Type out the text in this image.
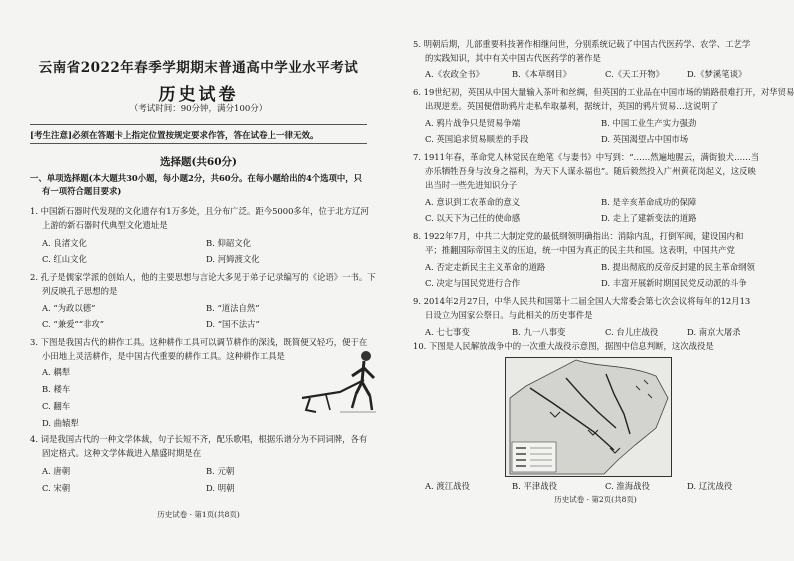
云南省2022年春季学期期末普通高中学业水平考试
历史试卷
（考试时间：90分钟，满分100分）
[考生注意]必须在答题卡上指定位置按规定要求作答，答在试卷上一律无效。
选择题(共60分)
一、单项选择题(本大题共30小题，每小题2分，共60分。在每小题给出的4个选项中，只
有一项符合题目要求)
1. 中国新石器时代发现的文化遗存有1万多处，且分布广泛。距今5000多年，位于北方辽河
上游的新石器时代典型文化遗址是
A. 良渚文化	B. 仰韶文化
C. 红山文化	D. 河姆渡文化
2. 孔子是儒家学派的创始人，他的主要思想与言论大多见于弟子记录编写的《论语》一书。下
列反映孔子思想的是
A. “为政以德”	B. “道法自然”
C. “兼爱”“非攻”	D. “国不法古”
3. 下图是我国古代的耕作工具。这种耕作工具可以调节耕作的深浅，既简便又轻巧，便于在
小田地上灵活耕作，是中国古代重要的耕作工具。这种耕作工具是
A. 耦犁
B. 耧车
C. 翻车
D. 曲辕犁
4. 词是我国古代的一种文学体裁，句子长短不齐，配乐歌唱，根据乐谱分为不同词牌，各有
固定格式。这种文学体裁进入鼎盛时期是在
A. 唐朝	B. 元朝
C. 宋朝	D. 明朝
历史试卷 · 第1页(共8页)
5. 明朝后期，儿部重要科技著作相继问世，分别系统记载了中国古代医药学、农学、工艺学
的实践知识，其中有关中国古代医药学的著作是
A.《农政全书》	B.《本草纲目》	C.《天工开物》	D.《梦溪笔谈》
6. 19世纪初，英国从中国大量输入茶叶和丝绸，但英国的工业品在中国市场的销路很难打开，对华贸易
出现逆差。英国便借助鸦片走私牟取暴利，据统计，英国的鸦片贸易…这说明了
A. 鸦片战争只是贸易争端	B. 中国工业生产实力强劲
C. 英国追求贸易顺差的手段	D. 英国渴望占中国市场
7. 1911年春，革命党人林觉民在绝笔《与妻书》中写到：“……然遍地腥云，满街狼犬……当
亦乐牺牲吾身与汝身之福利，为天下人谋永福也”。随后毅然投入广州黄花岗起义，这反映
出当时一些先进知识分子
A. 意识到工农革命的意义	B. 是辛亥革命成功的保障
C. 以天下为己任的使命感	D. 走上了建新变法的道路
8. 1922年7月，中共二大制定党的最低纲领明确指出：消除内乱，打倒军阀，建设国内和
平；推翻国际帝国主义的压迫，统一中国为真正的民主共和国。这表明，中国共产党
A. 否定走新民主主义革命的道路	B. 提出彻底的反帝反封建的民主革命纲领
C. 决定与国民党进行合作	D. 丰富开展新时期国民党反动派的斗争
9. 2014年2月27日，中华人民共和国第十二届全国人大常委会第七次会议将每年的12月13
日设立为国家公祭日。与此相关的历史事件是
A. 七七事变	B. 九一八事变	C. 台儿庄战役	D. 南京大屠杀
10. 下图是人民解放战争中的一次重大战役示意图，据图中信息判断，这次战役是
A. 渡江战役	B. 平津战役	C. 淮海战役	D. 辽沈战役
历史试卷 · 第2页(共8页)
